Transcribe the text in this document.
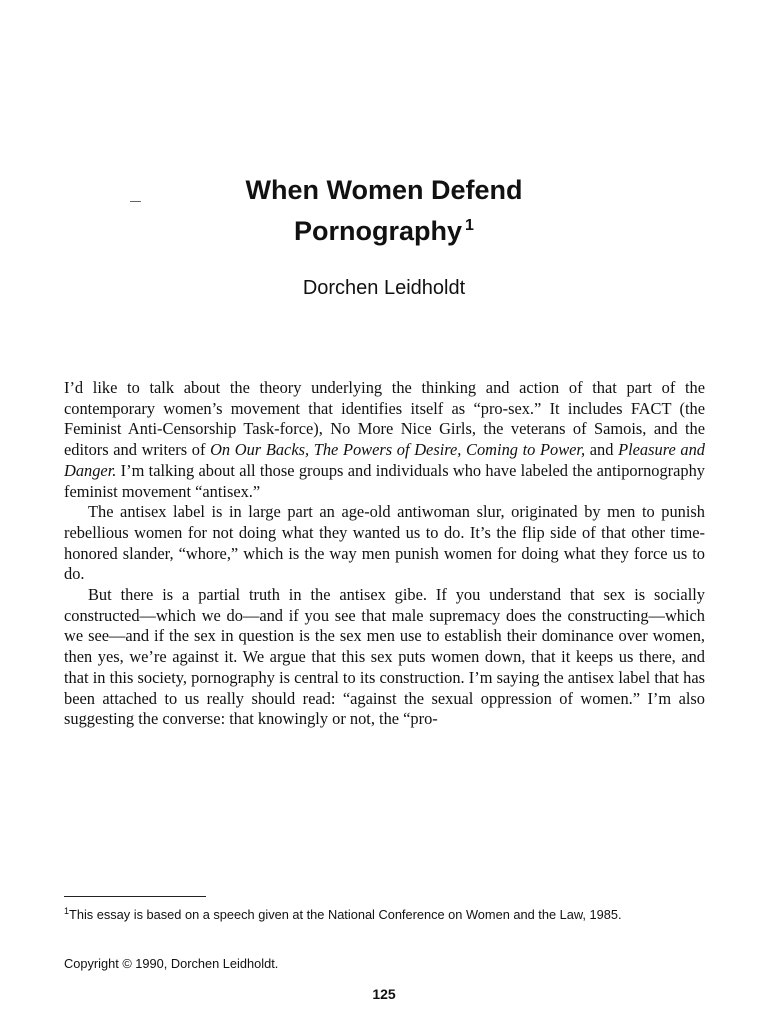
When Women Defend
Pornography $^1$
Dorchen Leidholdt

I’d like to talk about the theory underlying the thinking and action of that part of the contemporary women’s movement that identifies itself as “pro-sex.” It includes FACT (the Feminist Anti-Censorship Task-force), No More Nice Girls, the veterans of Samois, and the editors and writers of On Our Backs, The Powers of Desire, Coming to Power, and Pleasure and Danger. I’m talking about all those groups and individuals who have labeled the antipornography feminist movement “antisex.”

The antisex label is in large part an age-old antiwoman slur, originated by men to punish rebellious women for not doing what they wanted us to do. It’s the flip side of that other time-honored slander, “whore,” which is the way men punish women for doing what they force us to do.

But there is a partial truth in the antisex gibe. If you understand that sex is socially constructed—which we do—and if you see that male supremacy does the constructing—which we see—and if the sex in question is the sex men use to establish their dominance over women, then yes, we’re against it. We argue that this sex puts women down, that it keeps us there, and that in this society, pornography is central to its construction. I’m saying the antisex label that has been attached to us really should read: “against the sexual oppression of women.” I’m also suggesting the converse: that knowingly or not, the “pro-

$^1$This essay is based on a speech given at the National Conference on Women and the Law, 1985.
Copyright © 1990, Dorchen Leidholdt.
125
